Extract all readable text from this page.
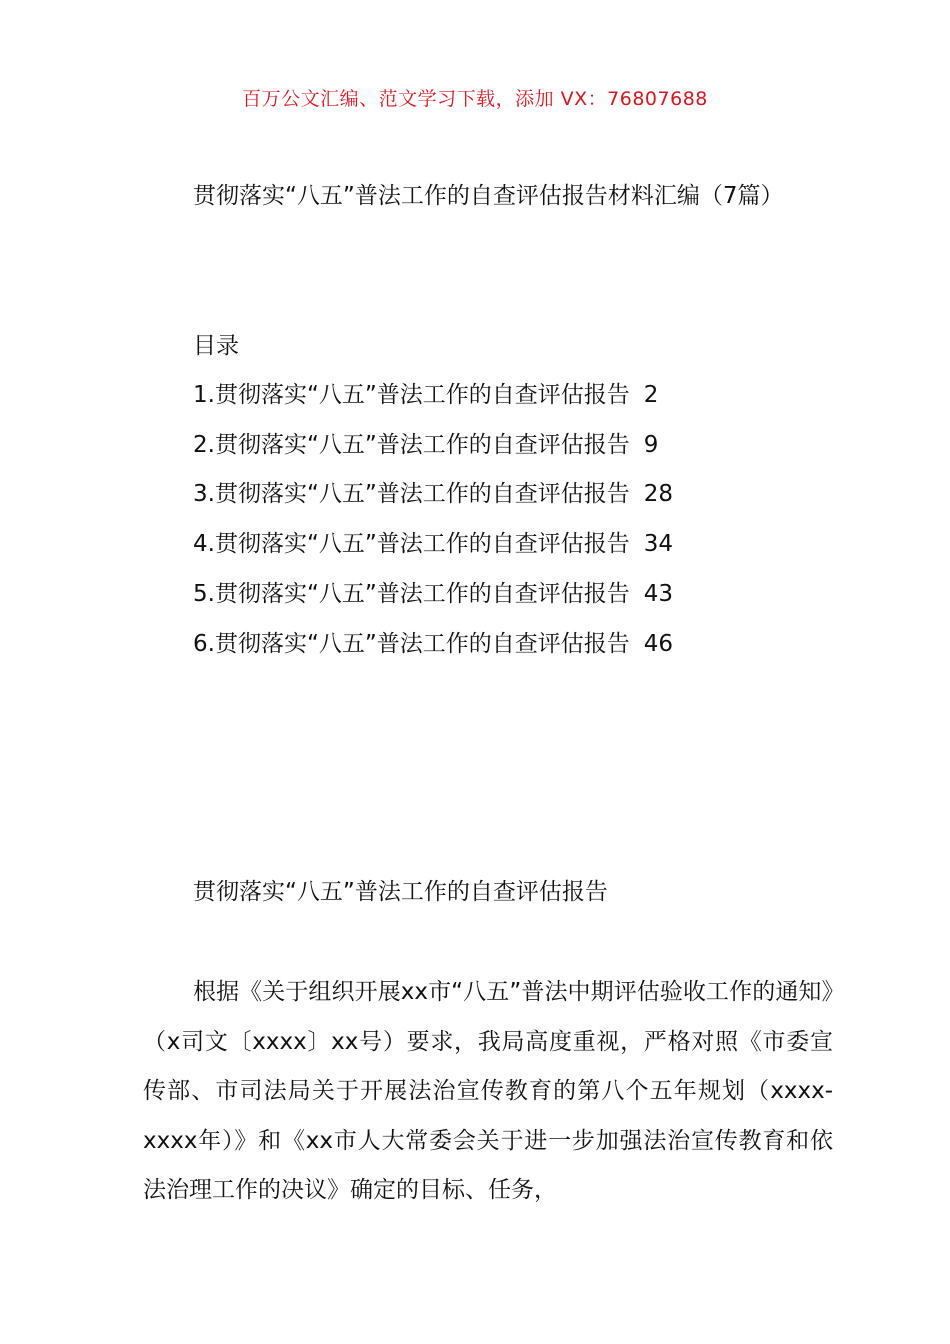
百万公文汇编、范文学习下载，添加 VX：76807688
贯彻落实“八五”普法工作的自查评估报告材料汇编（7篇）
目录
1.贯彻落实“八五”普法工作的自查评估报告 2
2.贯彻落实“八五”普法工作的自查评估报告 9
3.贯彻落实“八五”普法工作的自查评估报告 28
4.贯彻落实“八五”普法工作的自查评估报告 34
5.贯彻落实“八五”普法工作的自查评估报告 43
6.贯彻落实“八五”普法工作的自查评估报告 46
贯彻落实“八五”普法工作的自查评估报告
根据《关于组织开展xx市“八五”普法中期评估验收工作的通知》（x司文〔xxxx〕xx号）要求，我局高度重视，严格对照《市委宣传部、市司法局关于开展法治宣传教育的第八个五年规划（xxxx-xxxx年）》和《xx市人大常委会关于进一步加强法治宣传教育和依法治理工作的决议》确定的目标、任务，
